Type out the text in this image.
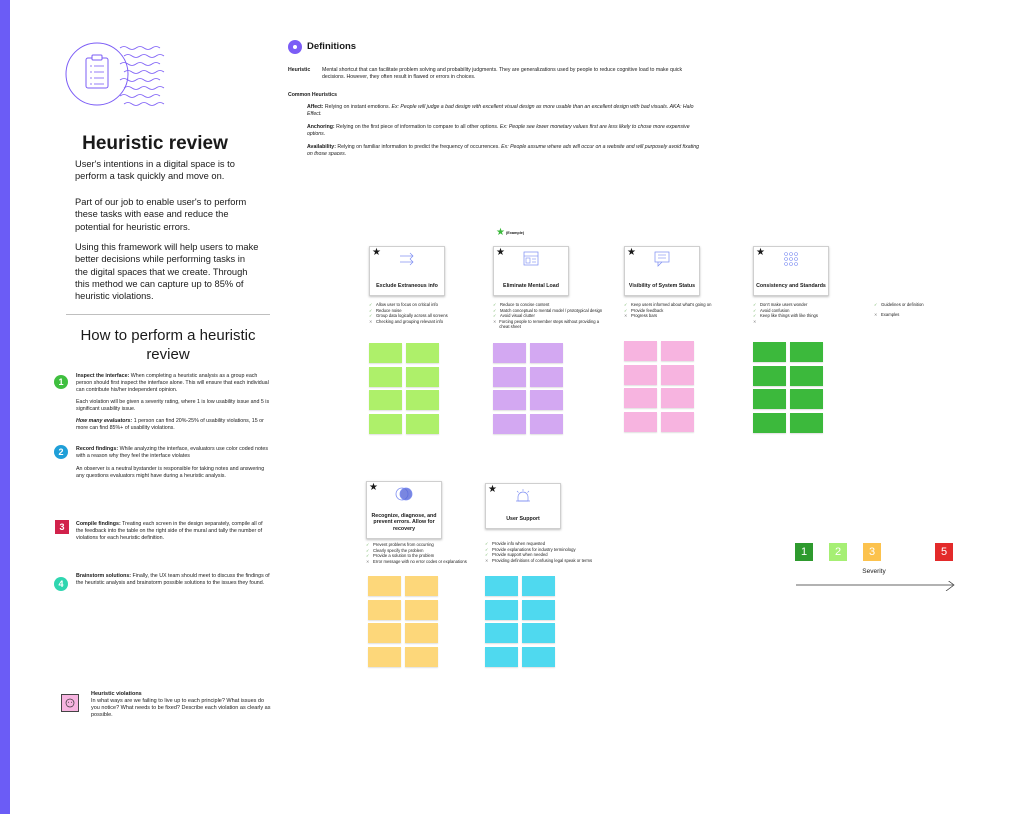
Heuristic review
User's intentions in a digital space is to perform a task quickly and move on.
Part of our job to enable user's to perform these tasks with ease and reduce the potential for heuristic errors.
Using this framework will help users to make better decisions while performing tasks in the digital spaces that we create. Through this method we can capture up to 85% of heuristic violations.
How to perform a heuristic review
1
Inspect the interface: When completing a heuristic analysis as a group each person should first inspect the interface alone. This will ensure that each individual can contribute his/her independent opinion.
Each violation will be given a severity rating, where 1 is low usability issue and 5 is significant usability issue.
How many evaluators: 1 person can find 20%-25% of usability violations, 15 or more can find 85%+ of usability violations.
2	Record findings: While analyzing the interface, evaluators use color coded notes with a reason why they feel the interface violates
An observer is a neutral bystander is responsible for taking notes and answering any questions evaluators might have during a heuristic analysis.
3	Compile findings: Treating each screen in the design separately, compile all of the feedback into the table on the right side of the mural and tally the number of violations for each heuristic definition.
4
Brainstorm solutions: Finally, the UX team should meet to discuss the findings of the heuristic analysis and brainstorm possible solutions to the issues they found.
Heuristic violations
In what ways are we failing to live up to each principle? What issues do you notice? What needs to be fixed? Describe each violation as clearly as possible.
Definitions
Heuristic Mental shortcut that can facilitate problem solving and probability judgments. They are generalizations used by people to reduce cognitive load to make quick decisions. However, they often result in flawed or errors in choices.
Common Heuristics
Affect: Relying on instant emotions. Ex: People will judge a bad design with excellent visual design as more usable than an excellent design with bad visuals. AKA: Halo Effect.
Anchoring: Relying on the first piece of information to compare to all other options. Ex: People see lower monetary values first are less likely to chose more expensive options.
Availability: Relying on familiar information to predict the frequency of occurrences. Ex: People assume where ads will occur on a website and will purposely avoid fixating on those spaces.
★ (Example)
★
Exclude Extraneous info
✓ Allow user to focus on critical info
✓ Reduce noise
✓ Group data logically across all screens
✕ Checking and grouping relevant info
★
Eliminate Mental Load
✓ Reduce to concise content
✓ Match conceptual to mental model / prototypical design
✓ Avoid visual clutter
✕ Forcing people to remember steps without providing a cheat sheet
★
Visibility of System Status
✓ Keep users informed about what's going on
✓ Provide feedback
✕ Progress bars
★
Consistency and Standards
✓ Don't make users wonder
✓ Avoid confusion
✓ Keep like things with like things
✕
★
Recognize, diagnose, and prevent errors. Allow for recovery
✓ Prevent problems from occurring
✓ Clearly specify the problem
✓ Provide a solution to the problem
✕ Error message with no error codes or explanations
★
User Support
✓ Provide info when requested
✓ Provide explanations for industry terminology
✓ Provide support when needed
✕ Providing definitions of confusing legal speak or terms
✓ Guidelines or definition
✕ Examples
1	2	3	5
Severity
